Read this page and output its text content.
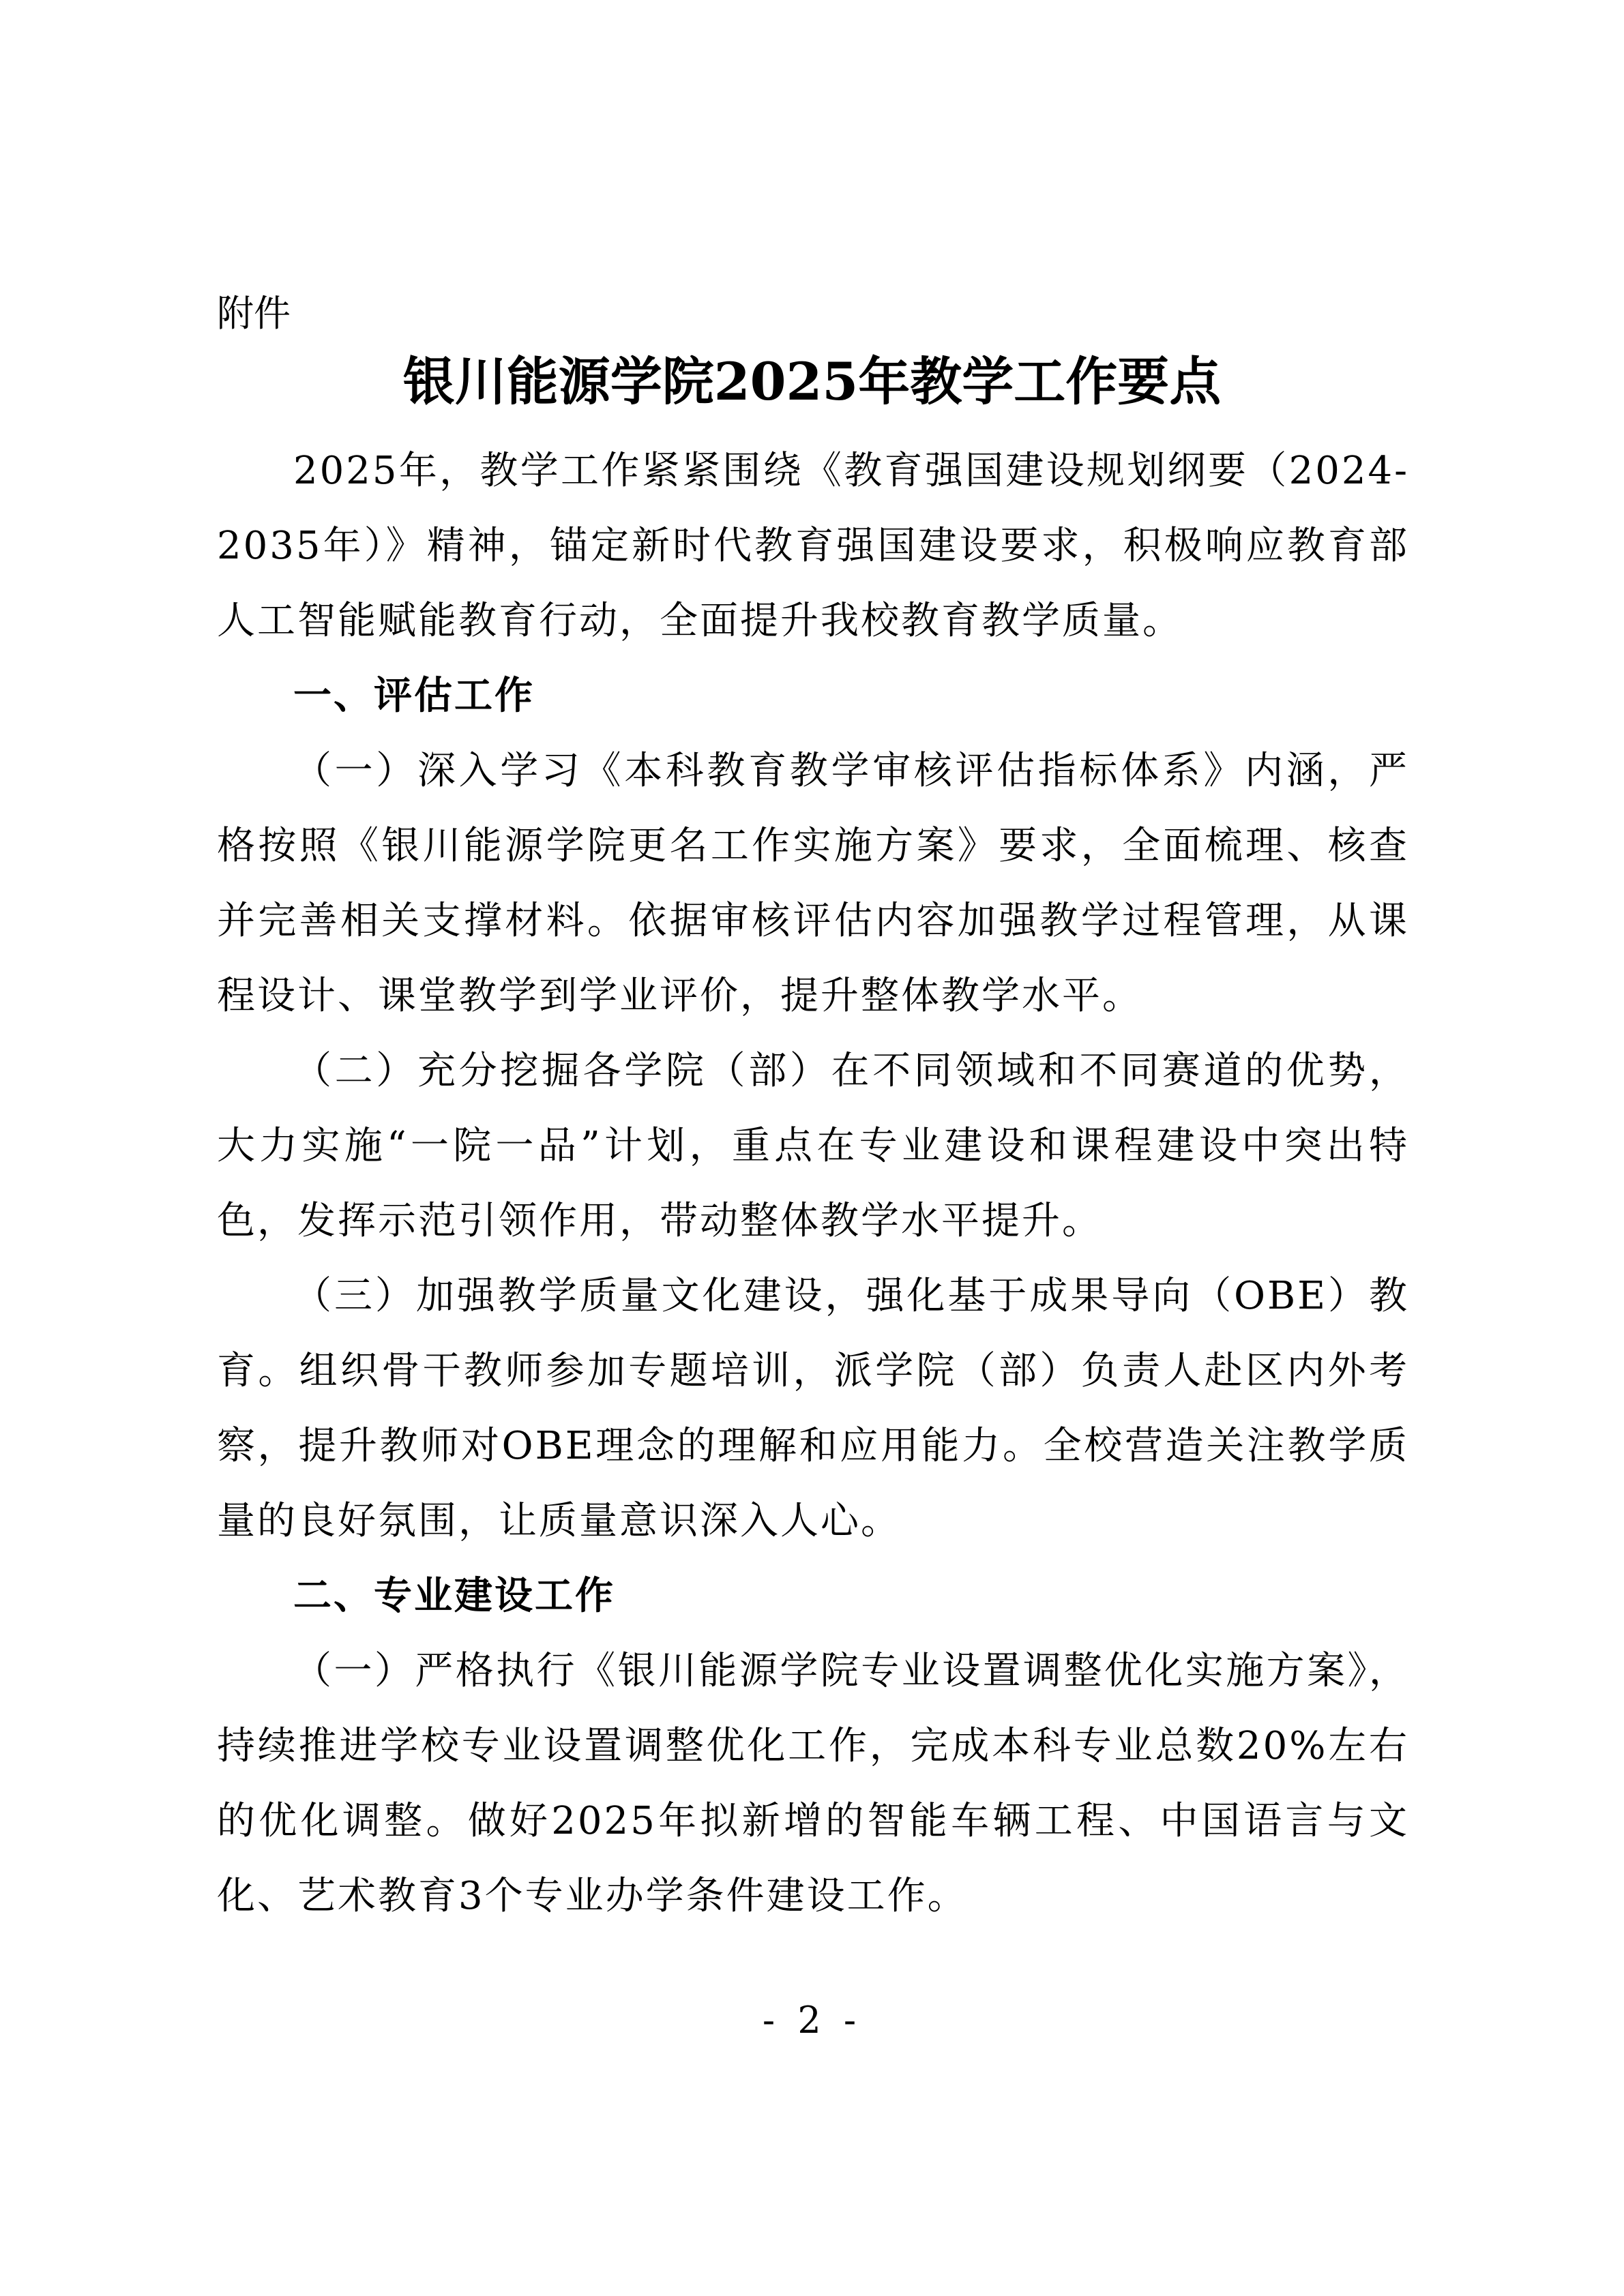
附件
银川能源学院2025年教学工作要点

2025年，教学工作紧紧围绕《教育强国建设规划纲要（2024-2035年）》精神，锚定新时代教育强国建设要求，积极响应教育部人工智能赋能教育行动，全面提升我校教育教学质量。

一、评估工作

（一）深入学习《本科教育教学审核评估指标体系》内涵，严格按照《银川能源学院更名工作实施方案》要求，全面梳理、核查并完善相关支撑材料。依据审核评估内容加强教学过程管理，从课程设计、课堂教学到学业评价，提升整体教学水平。

（二）充分挖掘各学院（部）在不同领域和不同赛道的优势，大力实施“一院一品”计划，重点在专业建设和课程建设中突出特色，发挥示范引领作用，带动整体教学水平提升。

（三）加强教学质量文化建设，强化基于成果导向（OBE）教育。组织骨干教师参加专题培训，派学院（部）负责人赴区内外考察，提升教师对OBE理念的理解和应用能力。全校营造关注教学质量的良好氛围，让质量意识深入人心。

二、专业建设工作

（一）严格执行《银川能源学院专业设置调整优化实施方案》，持续推进学校专业设置调整优化工作，完成本科专业总数20%左右的优化调整。做好2025年拟新增的智能车辆工程、中国语言与文化、艺术教育3个专业办学条件建设工作。

- 2 -
